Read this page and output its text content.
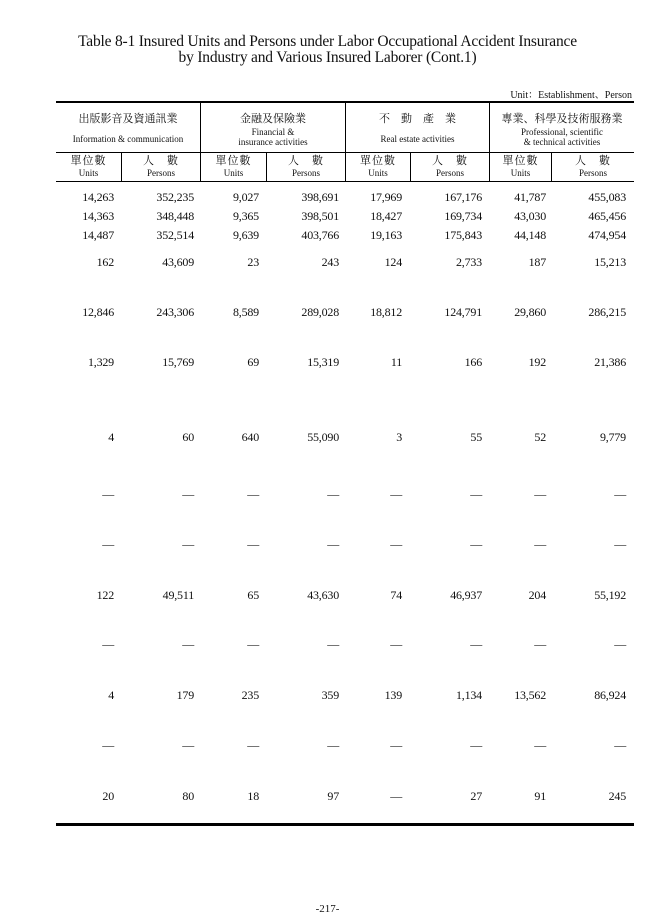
Table 8-1 Insured Units and Persons under Labor Occupational Accident Insurance
by Industry and Various Insured Laborer (Cont.1)
Unit：Establishment、Person
出版影音及資通訊業
Information & communication
金融及保險業
Financial &
insurance activities
不　動　產　業
Real estate activities
專業、科學及技術服務業
Professional, scientific
& technical activities
單位數
Units
人　數
Persons
單位數
Units
人　數
Persons
單位數
Units
人　數
Persons
單位數
Units
人　數
Persons
14,263	352,235	9,027	398,691	17,969	167,176	41,787	455,083
14,363	348,448	9,365	398,501	18,427	169,734	43,030	465,456
14,487	352,514	9,639	403,766	19,163	175,843	44,148	474,954
162	43,609	23	243	124	2,733	187	15,213
12,846	243,306	8,589	289,028	18,812	124,791	29,860	286,215
1,329	15,769	69	15,319	11	166	192	21,386
4	60	640	55,090	3	55	52	9,779
—	—	—	—	—	—	—	—
—	—	—	—	—	—	—	—
122	49,511	65	43,630	74	46,937	204	55,192
—	—	—	—	—	—	—	—
4	179	235	359	139	1,134	13,562	86,924
—	—	—	—	—	—	—	—
20	80	18	97	—	27	91	245
-217-
